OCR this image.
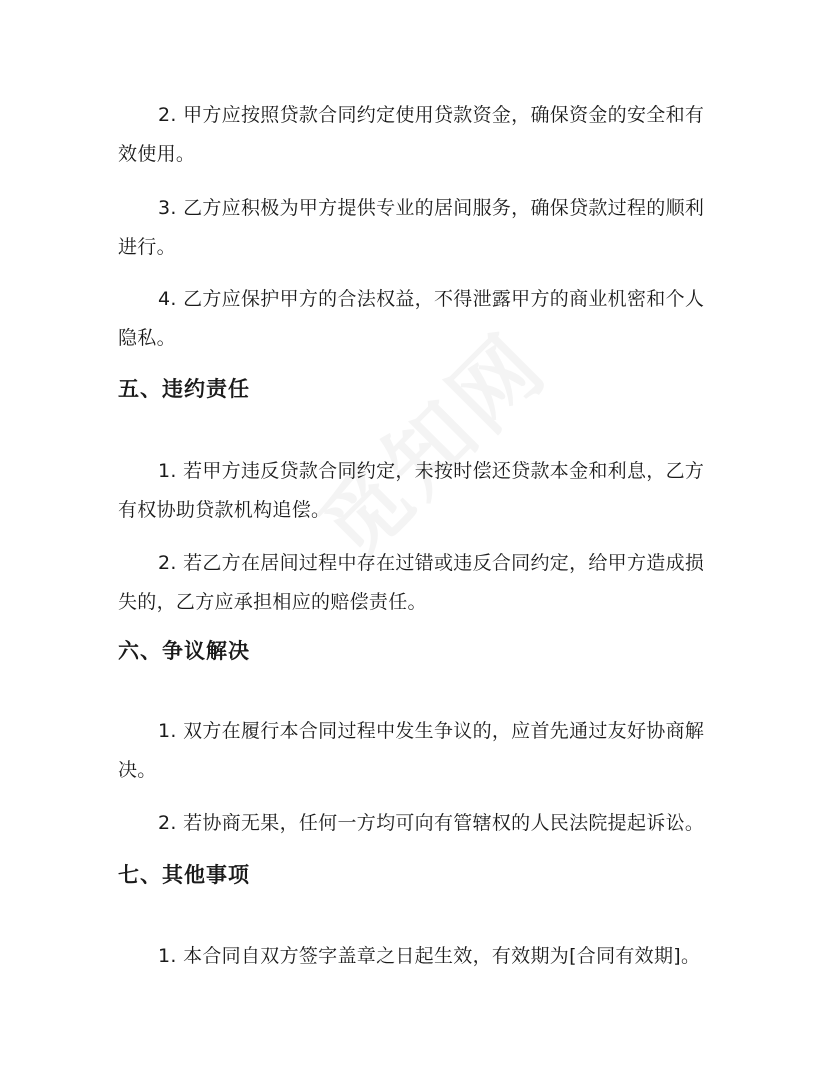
2. 甲方应按照贷款合同约定使用贷款资金，确保资金的安全和有效使用。

3. 乙方应积极为甲方提供专业的居间服务，确保贷款过程的顺利进行。

4. 乙方应保护甲方的合法权益，不得泄露甲方的商业机密和个人隐私。

五、违约责任

1. 若甲方违反贷款合同约定，未按时偿还贷款本金和利息，乙方有权协助贷款机构追偿。

2. 若乙方在居间过程中存在过错或违反合同约定，给甲方造成损失的，乙方应承担相应的赔偿责任。

六、争议解决

1. 双方在履行本合同过程中发生争议的，应首先通过友好协商解决。

2. 若协商无果，任何一方均可向有管辖权的人民法院提起诉讼。

七、其他事项

1. 本合同自双方签字盖章之日起生效，有效期为[合同有效期]。
